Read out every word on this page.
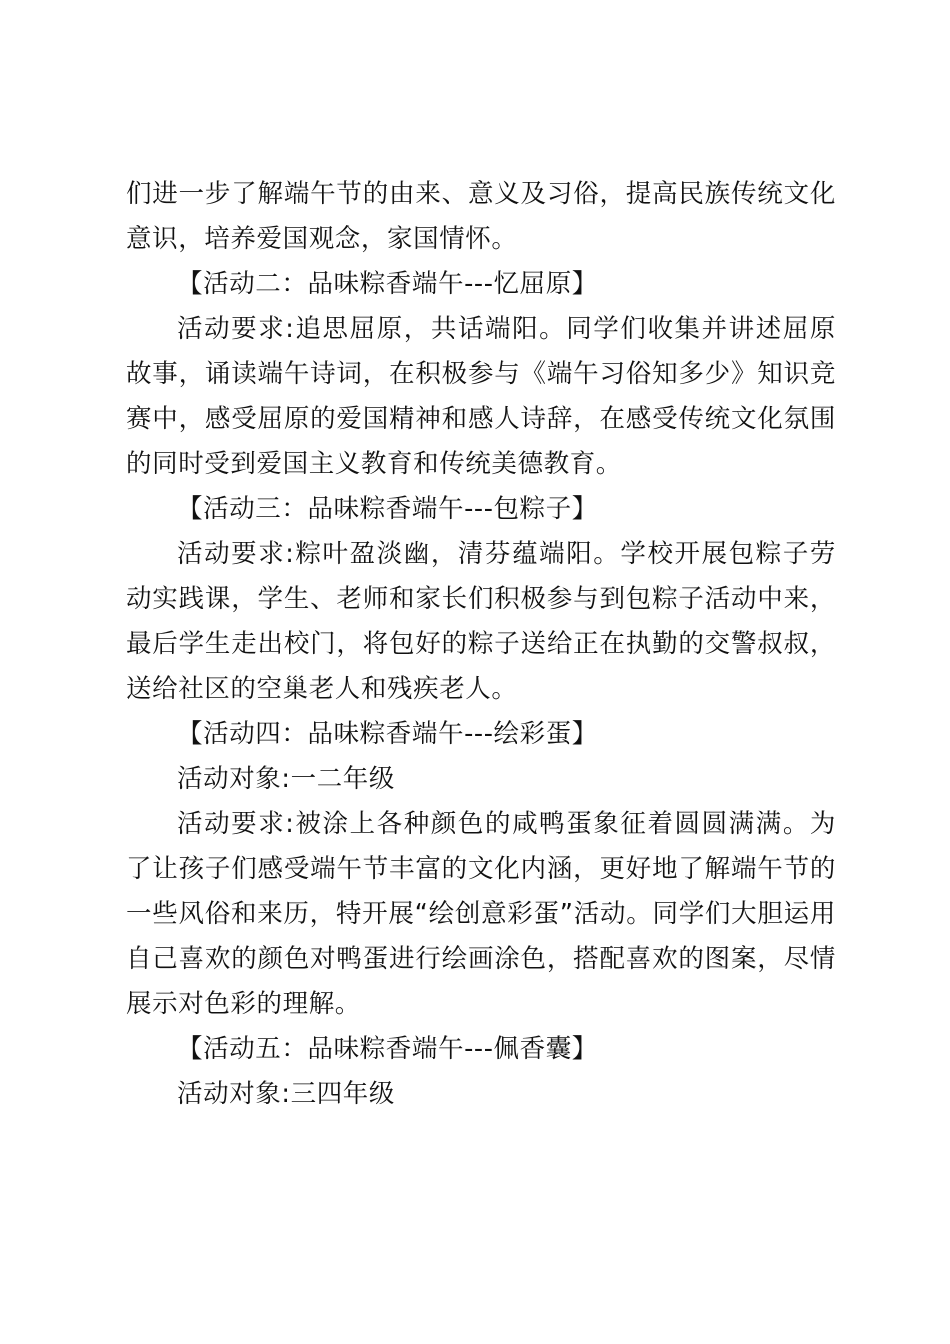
们进一步了解端午节的由来、意义及习俗，提高民族传统文化意识，培养爱国观念，家国情怀。

【活动二：品味粽香端午---忆屈原】

活动要求:追思屈原，共话端阳。同学们收集并讲述屈原故事，诵读端午诗词，在积极参与《端午习俗知多少》知识竞赛中，感受屈原的爱国精神和感人诗辞，在感受传统文化氛围的同时受到爱国主义教育和传统美德教育。

【活动三：品味粽香端午---包粽子】

活动要求:粽叶盈淡幽，清芬蕴端阳。学校开展包粽子劳动实践课，学生、老师和家长们积极参与到包粽子活动中来，最后学生走出校门，将包好的粽子送给正在执勤的交警叔叔，送给社区的空巢老人和残疾老人。

【活动四：品味粽香端午---绘彩蛋】

活动对象:一二年级

活动要求:被涂上各种颜色的咸鸭蛋象征着圆圆满满。为了让孩子们感受端午节丰富的文化内涵，更好地了解端午节的一些风俗和来历，特开展“绘创意彩蛋”活动。同学们大胆运用自己喜欢的颜色对鸭蛋进行绘画涂色，搭配喜欢的图案，尽情展示对色彩的理解。

【活动五：品味粽香端午---佩香囊】

活动对象:三四年级
